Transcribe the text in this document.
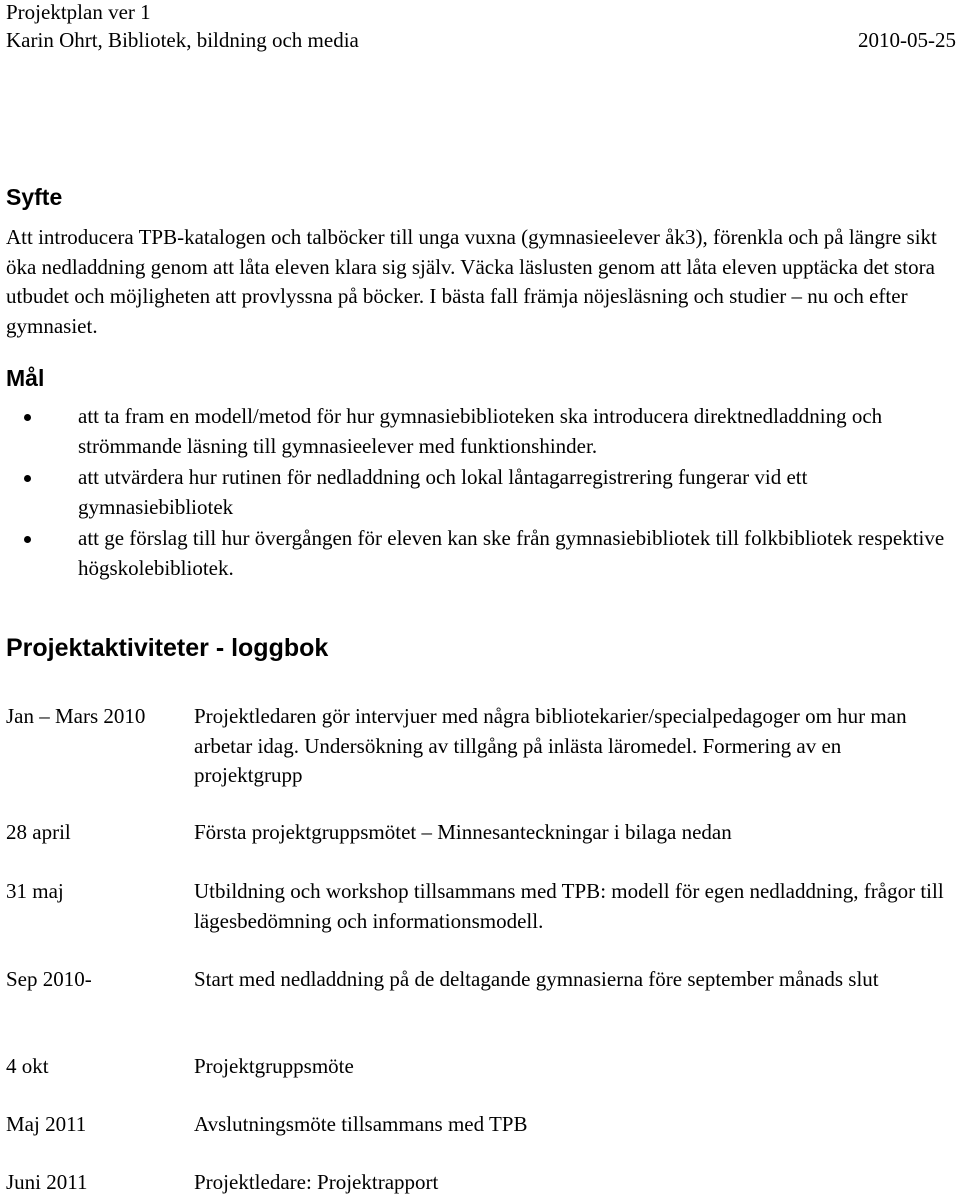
Projektplan ver 1
Karin Ohrt, Bibliotek, bildning och media	2010-05-25
Syfte
Att introducera TPB-katalogen och talböcker till unga vuxna (gymnasieelever åk3), förenkla och på längre sikt öka nedladdning genom att låta eleven klara sig själv. Väcka läslusten genom att låta eleven upptäcka det stora utbudet och möjligheten att provlyssna på böcker. I bästa fall främja nöjesläsning och studier – nu och efter gymnasiet.
Mål
att ta fram en modell/metod för hur gymnasiebiblioteken ska introducera direktnedladdning och strömmande läsning till gymnasieelever med funktionshinder.
att utvärdera hur rutinen för nedladdning och lokal låntagarregistrering fungerar vid ett gymnasiebibliotek
att ge förslag till hur övergången för eleven kan ske från gymnasiebibliotek till folkbibliotek respektive högskolebibliotek.
Projektaktiviteter - loggbok
Jan – Mars 2010 Projektledaren gör intervjuer med några bibliotekarier/specialpedagoger om hur man arbetar idag. Undersökning av tillgång på inlästa läromedel. Formering av en projektgrupp
28 april	Första projektgruppsmötet – Minnesanteckningar i bilaga nedan
31 maj	Utbildning och workshop tillsammans med TPB: modell för egen nedladdning, frågor till lägesbedömning och informationsmodell.
Sep 2010-	Start med nedladdning på de deltagande gymnasierna före september månads slut
4 okt	Projektgruppsmöte
Maj 2011	Avslutningsmöte tillsammans med TPB
Juni 2011	Projektledare: Projektrapport
